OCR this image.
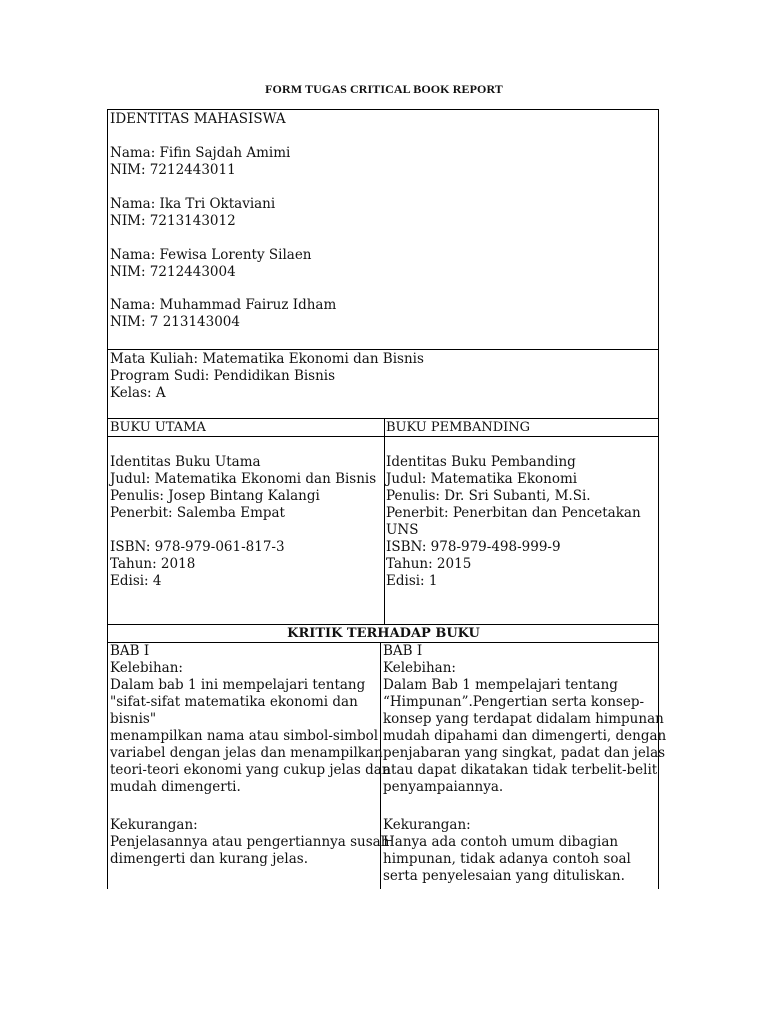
FORM TUGAS CRITICAL BOOK REPORT
IDENTITAS MAHASISWA
Nama: Fifin Sajdah Amimi
NIM: 7212443011
Nama: Ika Tri Oktaviani
NIM: 7213143012
Nama: Fewisa Lorenty Silaen
NIM: 7212443004
Nama: Muhammad Fairuz Idham
NIM: 7 213143004
Mata Kuliah: Matematika Ekonomi dan Bisnis
Program Sudi: Pendidikan Bisnis
Kelas: A
BUKU UTAMA	BUKU PEMBANDING
Identitas Buku Utama
Judul: Matematika Ekonomi dan Bisnis
Penulis: Josep Bintang Kalangi
Penerbit: Salemba Empat
ISBN: 978-979-061-817-3
Tahun: 2018
Edisi: 4
Identitas Buku Pembanding
Judul: Matematika Ekonomi
Penulis: Dr. Sri Subanti, M.Si.
Penerbit: Penerbitan dan Pencetakan
UNS
ISBN: 978-979-498-999-9
Tahun: 2015
Edisi: 1
KRITIK TERHADAP BUKU
BAB I
Kelebihan:
Dalam bab 1 ini mempelajari tentang
"sifat-sifat matematika ekonomi dan
bisnis"
menampilkan nama atau simbol-simbol
variabel dengan jelas dan menampilkan
teori-teori ekonomi yang cukup jelas dan
mudah dimengerti.
Kekurangan:
Penjelasannya atau pengertiannya susah
dimengerti dan kurang jelas.
BAB I
Kelebihan:
Dalam Bab 1 mempelajari tentang
“Himpunan”.Pengertian serta konsep-
konsep yang terdapat didalam himpunan
mudah dipahami dan dimengerti, dengan
penjabaran yang singkat, padat dan jelas
atau dapat dikatakan tidak terbelit-belit
penyampaiannya.
Kekurangan:
Hanya ada contoh umum dibagian
himpunan, tidak adanya contoh soal
serta penyelesaian yang dituliskan.
